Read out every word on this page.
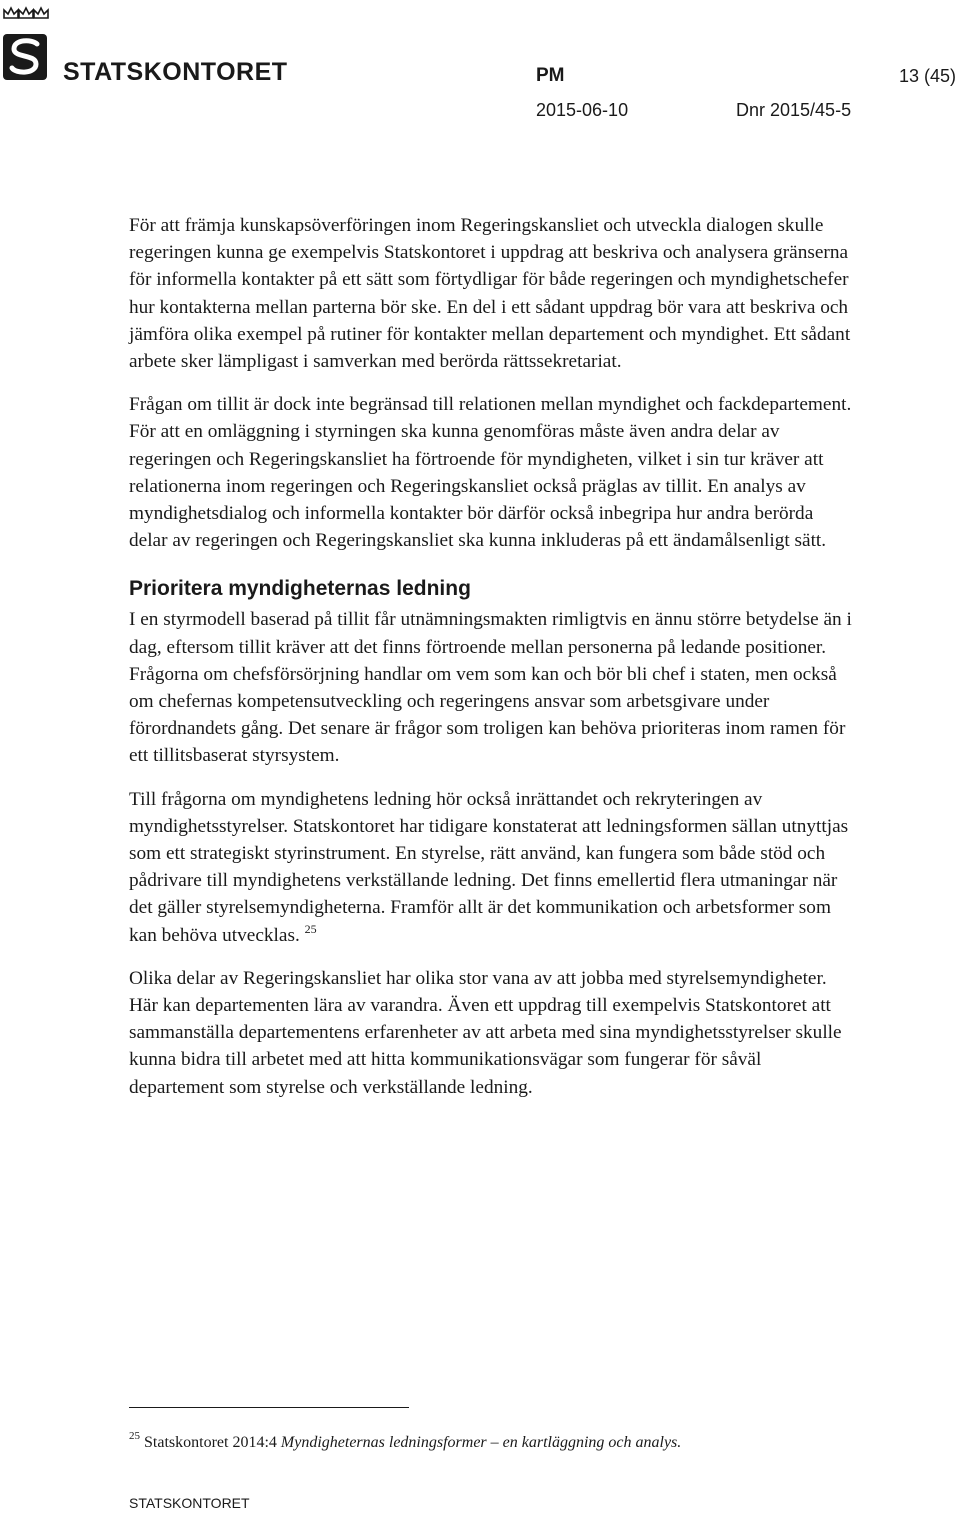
STATSKONTORET	PM	13 (45)
2015-06-10	Dnr 2015/45-5

För att främja kunskapsöverföringen inom Regeringskansliet och utveckla dialogen skulle regeringen kunna ge exempelvis Statskontoret i uppdrag att beskriva och analysera gränserna för informella kontakter på ett sätt som förtydligar för både regeringen och myndighetschefer hur kontakterna mellan parterna bör ske. En del i ett sådant uppdrag bör vara att beskriva och jämföra olika exempel på rutiner för kontakter mellan departement och myndighet. Ett sådant arbete sker lämpligast i samverkan med berörda rättssekretariat.

Frågan om tillit är dock inte begränsad till relationen mellan myndighet och fackdepartement. För att en omläggning i styrningen ska kunna genomföras måste även andra delar av regeringen och Regeringskansliet ha förtroende för myndigheten, vilket i sin tur kräver att relationerna inom regeringen och Regeringskansliet också präglas av tillit. En analys av myndighetsdialog och informella kontakter bör därför också inbegripa hur andra berörda delar av regeringen och Regeringskansliet ska kunna inkluderas på ett ändamålsenligt sätt.

Prioritera myndigheternas ledning

I en styrmodell baserad på tillit får utnämningsmakten rimligtvis en ännu större betydelse än i dag, eftersom tillit kräver att det finns förtroende mellan personerna på ledande positioner. Frågorna om chefsförsörjning handlar om vem som kan och bör bli chef i staten, men också om chefernas kompetensutveckling och regeringens ansvar som arbetsgivare under förordnandets gång. Det senare är frågor som troligen kan behöva prioriteras inom ramen för ett tillitsbaserat styrsystem.

Till frågorna om myndighetens ledning hör också inrättandet och rekryteringen av myndighetsstyrelser. Statskontoret har tidigare konstaterat att ledningsformen sällan utnyttjas som ett strategiskt styrinstrument. En styrelse, rätt använd, kan fungera som både stöd och pådrivare till myndighetens verkställande ledning. Det finns emellertid flera utmaningar när det gäller styrelsemyndigheterna. Framför allt är det kommunikation och arbetsformer som kan behöva utvecklas. $^{25}$

Olika delar av Regeringskansliet har olika stor vana av att jobba med styrelsemyndigheter. Här kan departementen lära av varandra. Även ett uppdrag till exempelvis Statskontoret att sammanställa departementens erfarenheter av att arbeta med sina myndighetsstyrelser skulle kunna bidra till arbetet med att hitta kommunikationsvägar som fungerar för såväl departement som styrelse och verkställande ledning.

$^{25}$ Statskontoret 2014:4 Myndigheternas ledningsformer – en kartläggning och analys.
STATSKONTORET
